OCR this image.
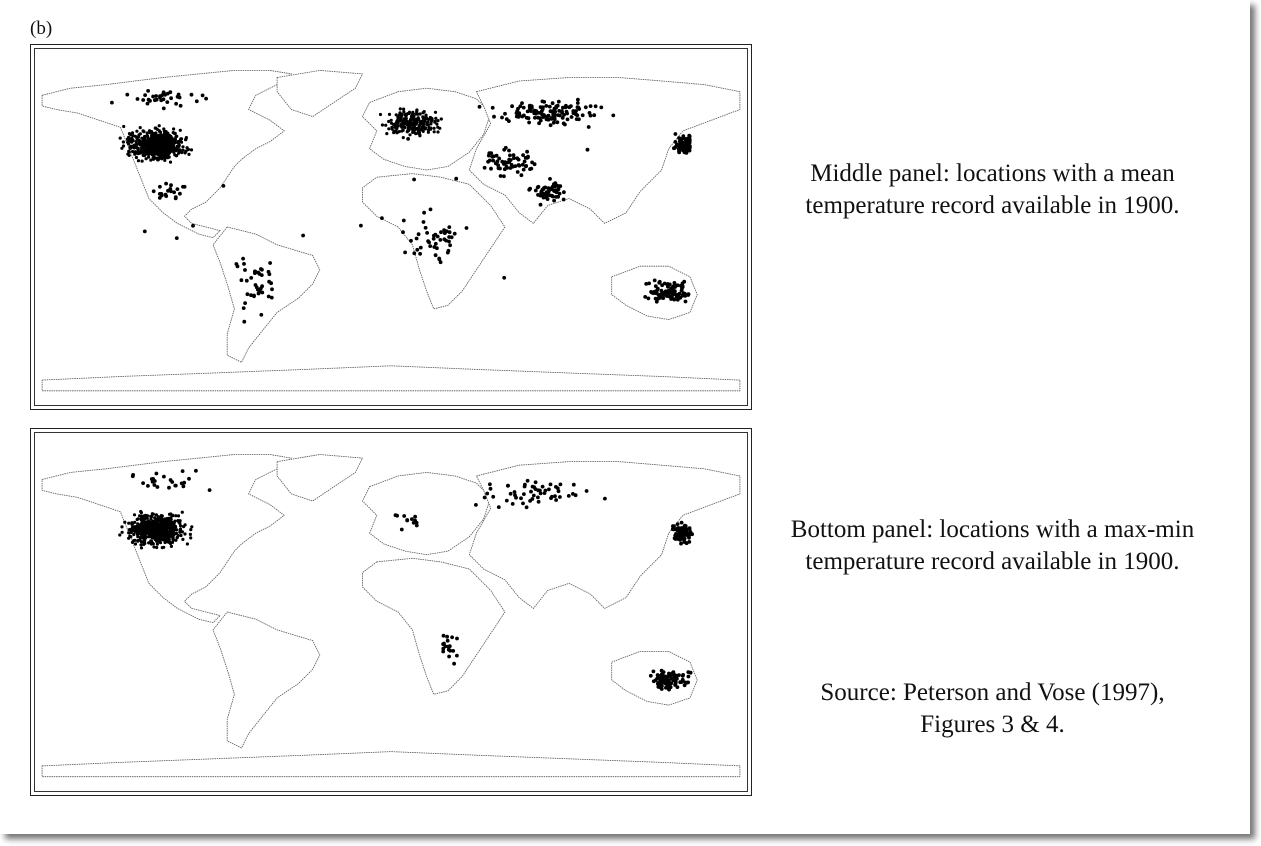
(b)
Middle panel: locations with a mean temperature record available in 1900.
Bottom panel: locations with a max-min temperature record available in 1900.
Source: Peterson and Vose (1997), Figures 3 & 4.
